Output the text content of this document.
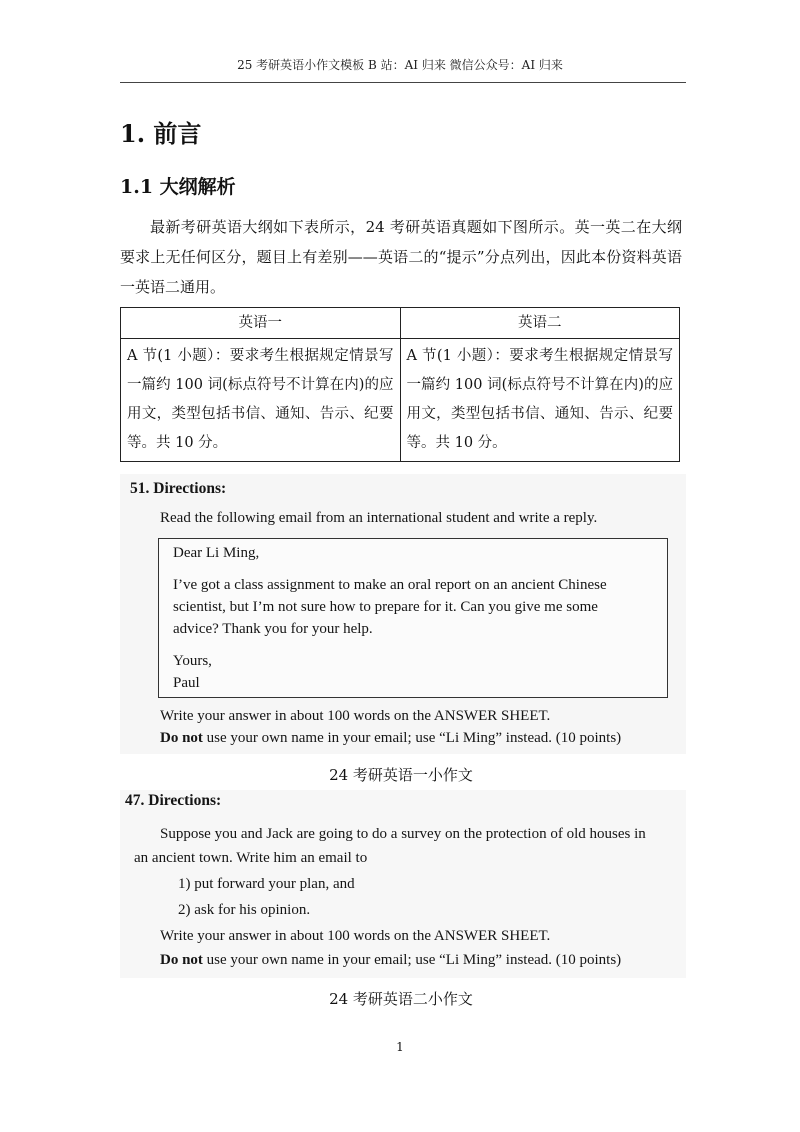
25 考研英语小作文模板 B 站：AI 归来 微信公众号：AI 归来
1. 前言
1.1 大纲解析

最新考研英语大纲如下表所示，24 考研英语真题如下图所示。英一英二在大纲要求上无任何区分，题目上有差别——英语二的“提示”分点列出，因此本份资料英语一英语二通用。

英语一	英语二
A 节(1 小题）：要求考生根据规定情景写一篇约 100 词(标点符号不计算在内)的应用文，类型包括书信、通知、告示、纪要等。共 10 分。	A 节(1 小题）：要求考生根据规定情景写一篇约 100 词(标点符号不计算在内)的应用文，类型包括书信、通知、告示、纪要等。共 10 分。
51. Directions:
Read the following email from an international student and write a reply.
Dear Li Ming,
I’ve got a class assignment to make an oral report on an ancient Chinese
scientist, but I’m not sure how to prepare for it. Can you give me some
advice? Thank you for your help.
Yours,
Paul
Write your answer in about 100 words on the ANSWER SHEET.
Do not use your own name in your email; use “Li Ming” instead. (10 points)
24 考研英语一小作文
47. Directions:
Suppose you and Jack are going to do a survey on the protection of old houses in
an ancient town. Write him an email to
1) put forward your plan, and
2) ask for his opinion.
Write your answer in about 100 words on the ANSWER SHEET.
Do not use your own name in your email; use “Li Ming” instead. (10 points)
24 考研英语二小作文
1
